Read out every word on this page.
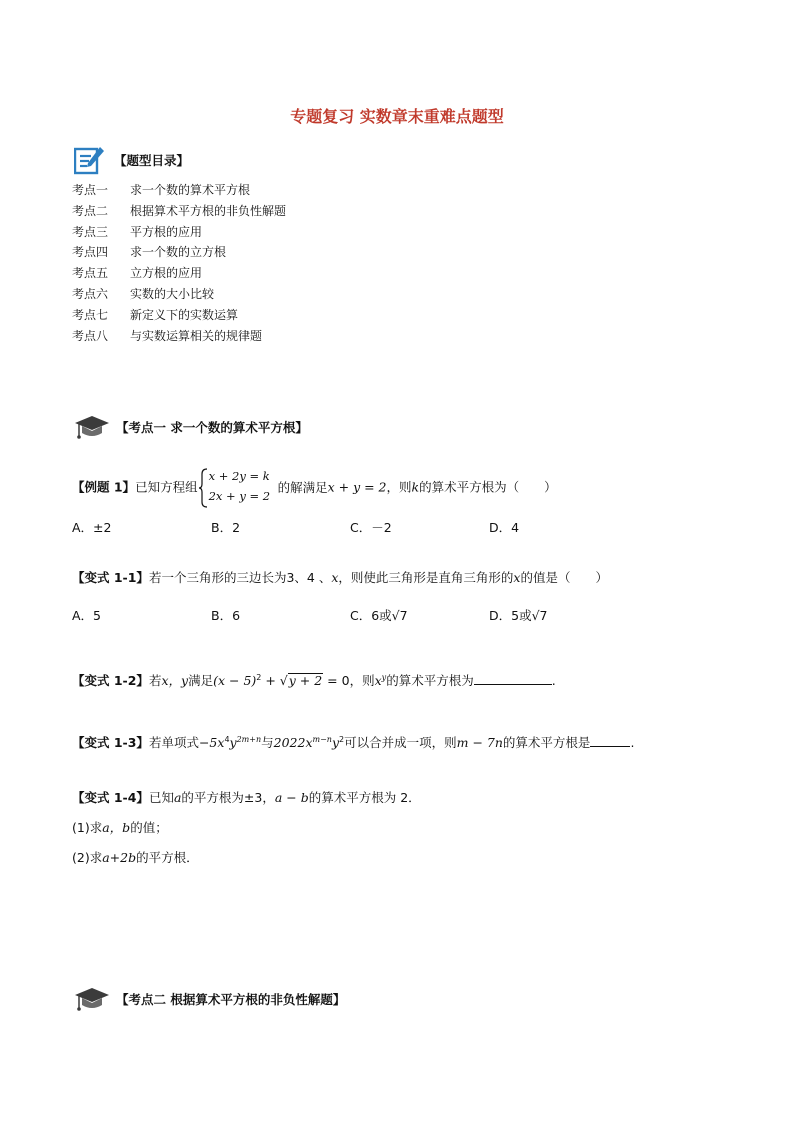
专题复习 实数章末重难点题型
【题型目录】
考点一 求一个数的算术平方根
考点二 根据算术平方根的非负性解题
考点三 平方根的应用
考点四 求一个数的立方根
考点五 立方根的应用
考点六 实数的大小比较
考点七 新定义下的实数运算
考点八 与实数运算相关的规律题
【考点一 求一个数的算术平方根】
【例题 1】已知方程组
x + 2y = k
2x + y = 2
的解满足x + y = 2，则k的算术平方根为（　　）
A．±2	B．2	C．－2	D．4
【变式 1-1】若一个三角形的三边长为3、4 、x，则使此三角形是直角三角形的x的值是（　　）
A．5	B．6	C．6或√7	D．5或√7
【变式 1-2】若x，y满足$(x - 5)^2 + √y + 2 = 0$，则$x^y$的算术平方根为	.
【变式 1-3】若单项式$-5x^4y^{2m+n}$与$2022x^{m-n}y^2$可以合并成一项，则m − 7n的算术平方根是	.
【变式 1-4】已知a的平方根为±3，a − b的算术平方根为 2．
(1)求a，b的值；
(2)求a+2b的平方根．
【考点二 根据算术平方根的非负性解题】
